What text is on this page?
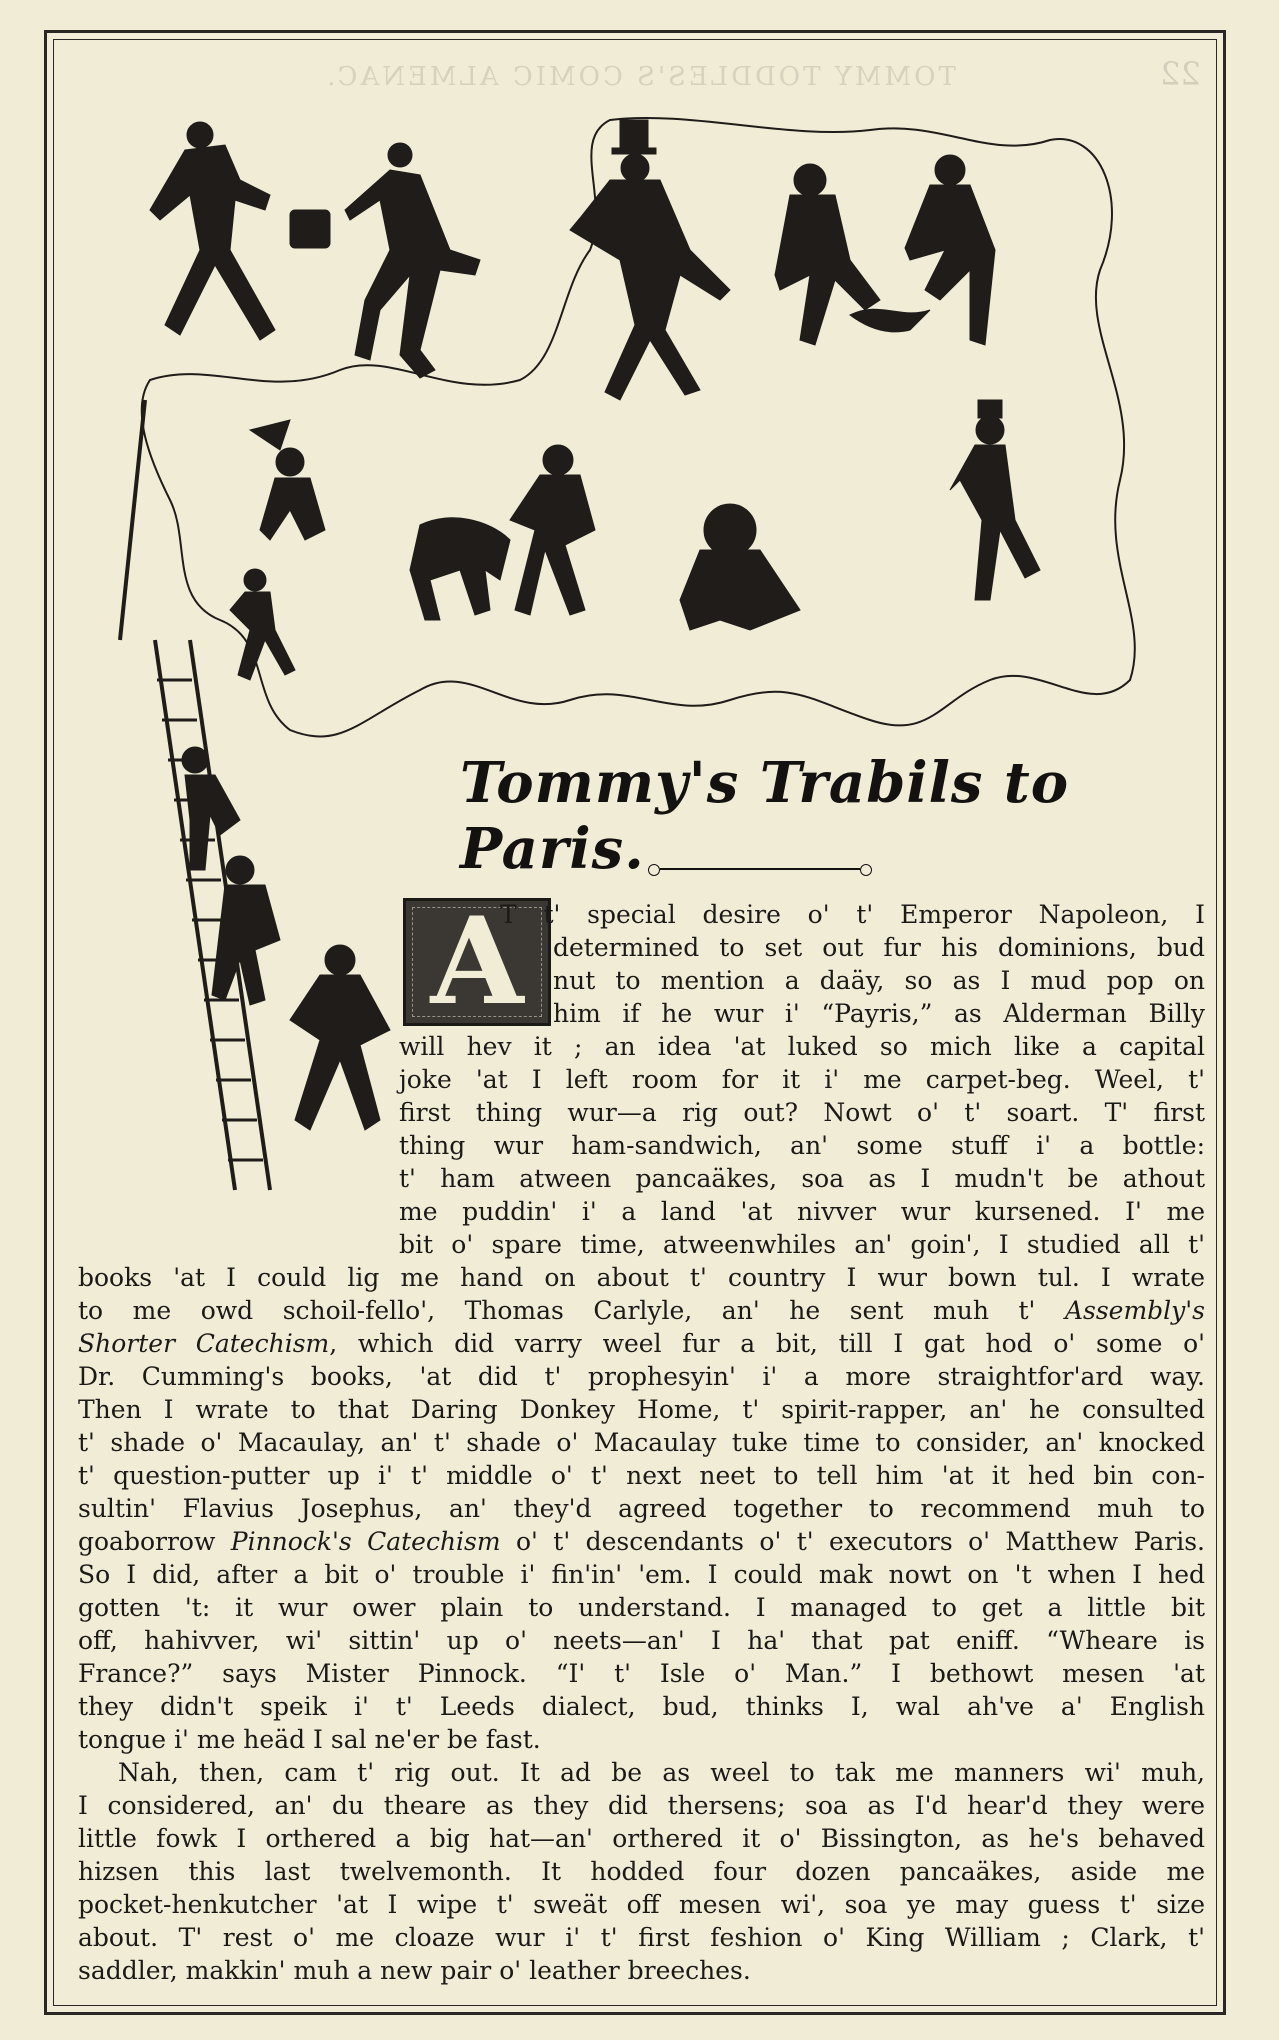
TOMMY TODDLES'S COMIC ALMENAC.	22
Tommy's Trabils to Paris.
A
T t' special desire o' t' Emperor Napoleon, I
determined to set out fur his dominions, bud
nut to mention a daäy, so as I mud pop on
him if he wur i' “Payris,” as Alderman Billy
will hev it ; an idea 'at luked so mich like a capital
joke 'at I left room for it i' me carpet-beg. Weel, t'
first thing wur—a rig out? Nowt o' t' soart. T' first
thing wur ham-sandwich, an' some stuff i' a bottle:
t' ham atween pancaäkes, soa as I mudn't be athout
me puddin' i' a land 'at nivver wur kursened. I' me
bit o' spare time, atweenwhiles an' goin', I studied all t'
books 'at I could lig me hand on about t' country I wur bown tul. I wrate
to me owd schoil-fello', Thomas Carlyle, an' he sent muh t' Assembly's
Shorter Catechism, which did varry weel fur a bit, till I gat hod o' some o'
Dr. Cumming's books, 'at did t' prophesyin' i' a more straightfor'ard way.
Then I wrate to that Daring Donkey Home, t' spirit-rapper, an' he consulted
t' shade o' Macaulay, an' t' shade o' Macaulay tuke time to consider, an' knocked
t' question-putter up i' t' middle o' t' next neet to tell him 'at it hed bin con-
sultin' Flavius Josephus, an' they'd agreed together to recommend muh to
goaborrow Pinnock's Catechism o' t' descendants o' t' executors o' Matthew Paris.
So I did, after a bit o' trouble i' fin'in' 'em. I could mak nowt on 't when I hed
gotten 't: it wur ower plain to understand. I managed to get a little bit
off, hahivver, wi' sittin' up o' neets—an' I ha' that pat eniff. “Wheare is
France?” says Mister Pinnock. “I' t' Isle o' Man.” I bethowt mesen 'at
they didn't speik i' t' Leeds dialect, bud, thinks I, wal ah've a' English
tongue i' me heäd I sal ne'er be fast.
Nah, then, cam t' rig out. It ad be as weel to tak me manners wi' muh,
I considered, an' du theare as they did thersens; soa as I'd hear'd they were
little fowk I orthered a big hat—an' orthered it o' Bissington, as he's behaved
hizsen this last twelvemonth. It hodded four dozen pancaäkes, aside me
pocket-henkutcher 'at I wipe t' sweät off mesen wi', soa ye may guess t' size
about. T' rest o' me cloaze wur i' t' first feshion o' King William ; Clark, t'
saddler, makkin' muh a new pair o' leather breeches.
